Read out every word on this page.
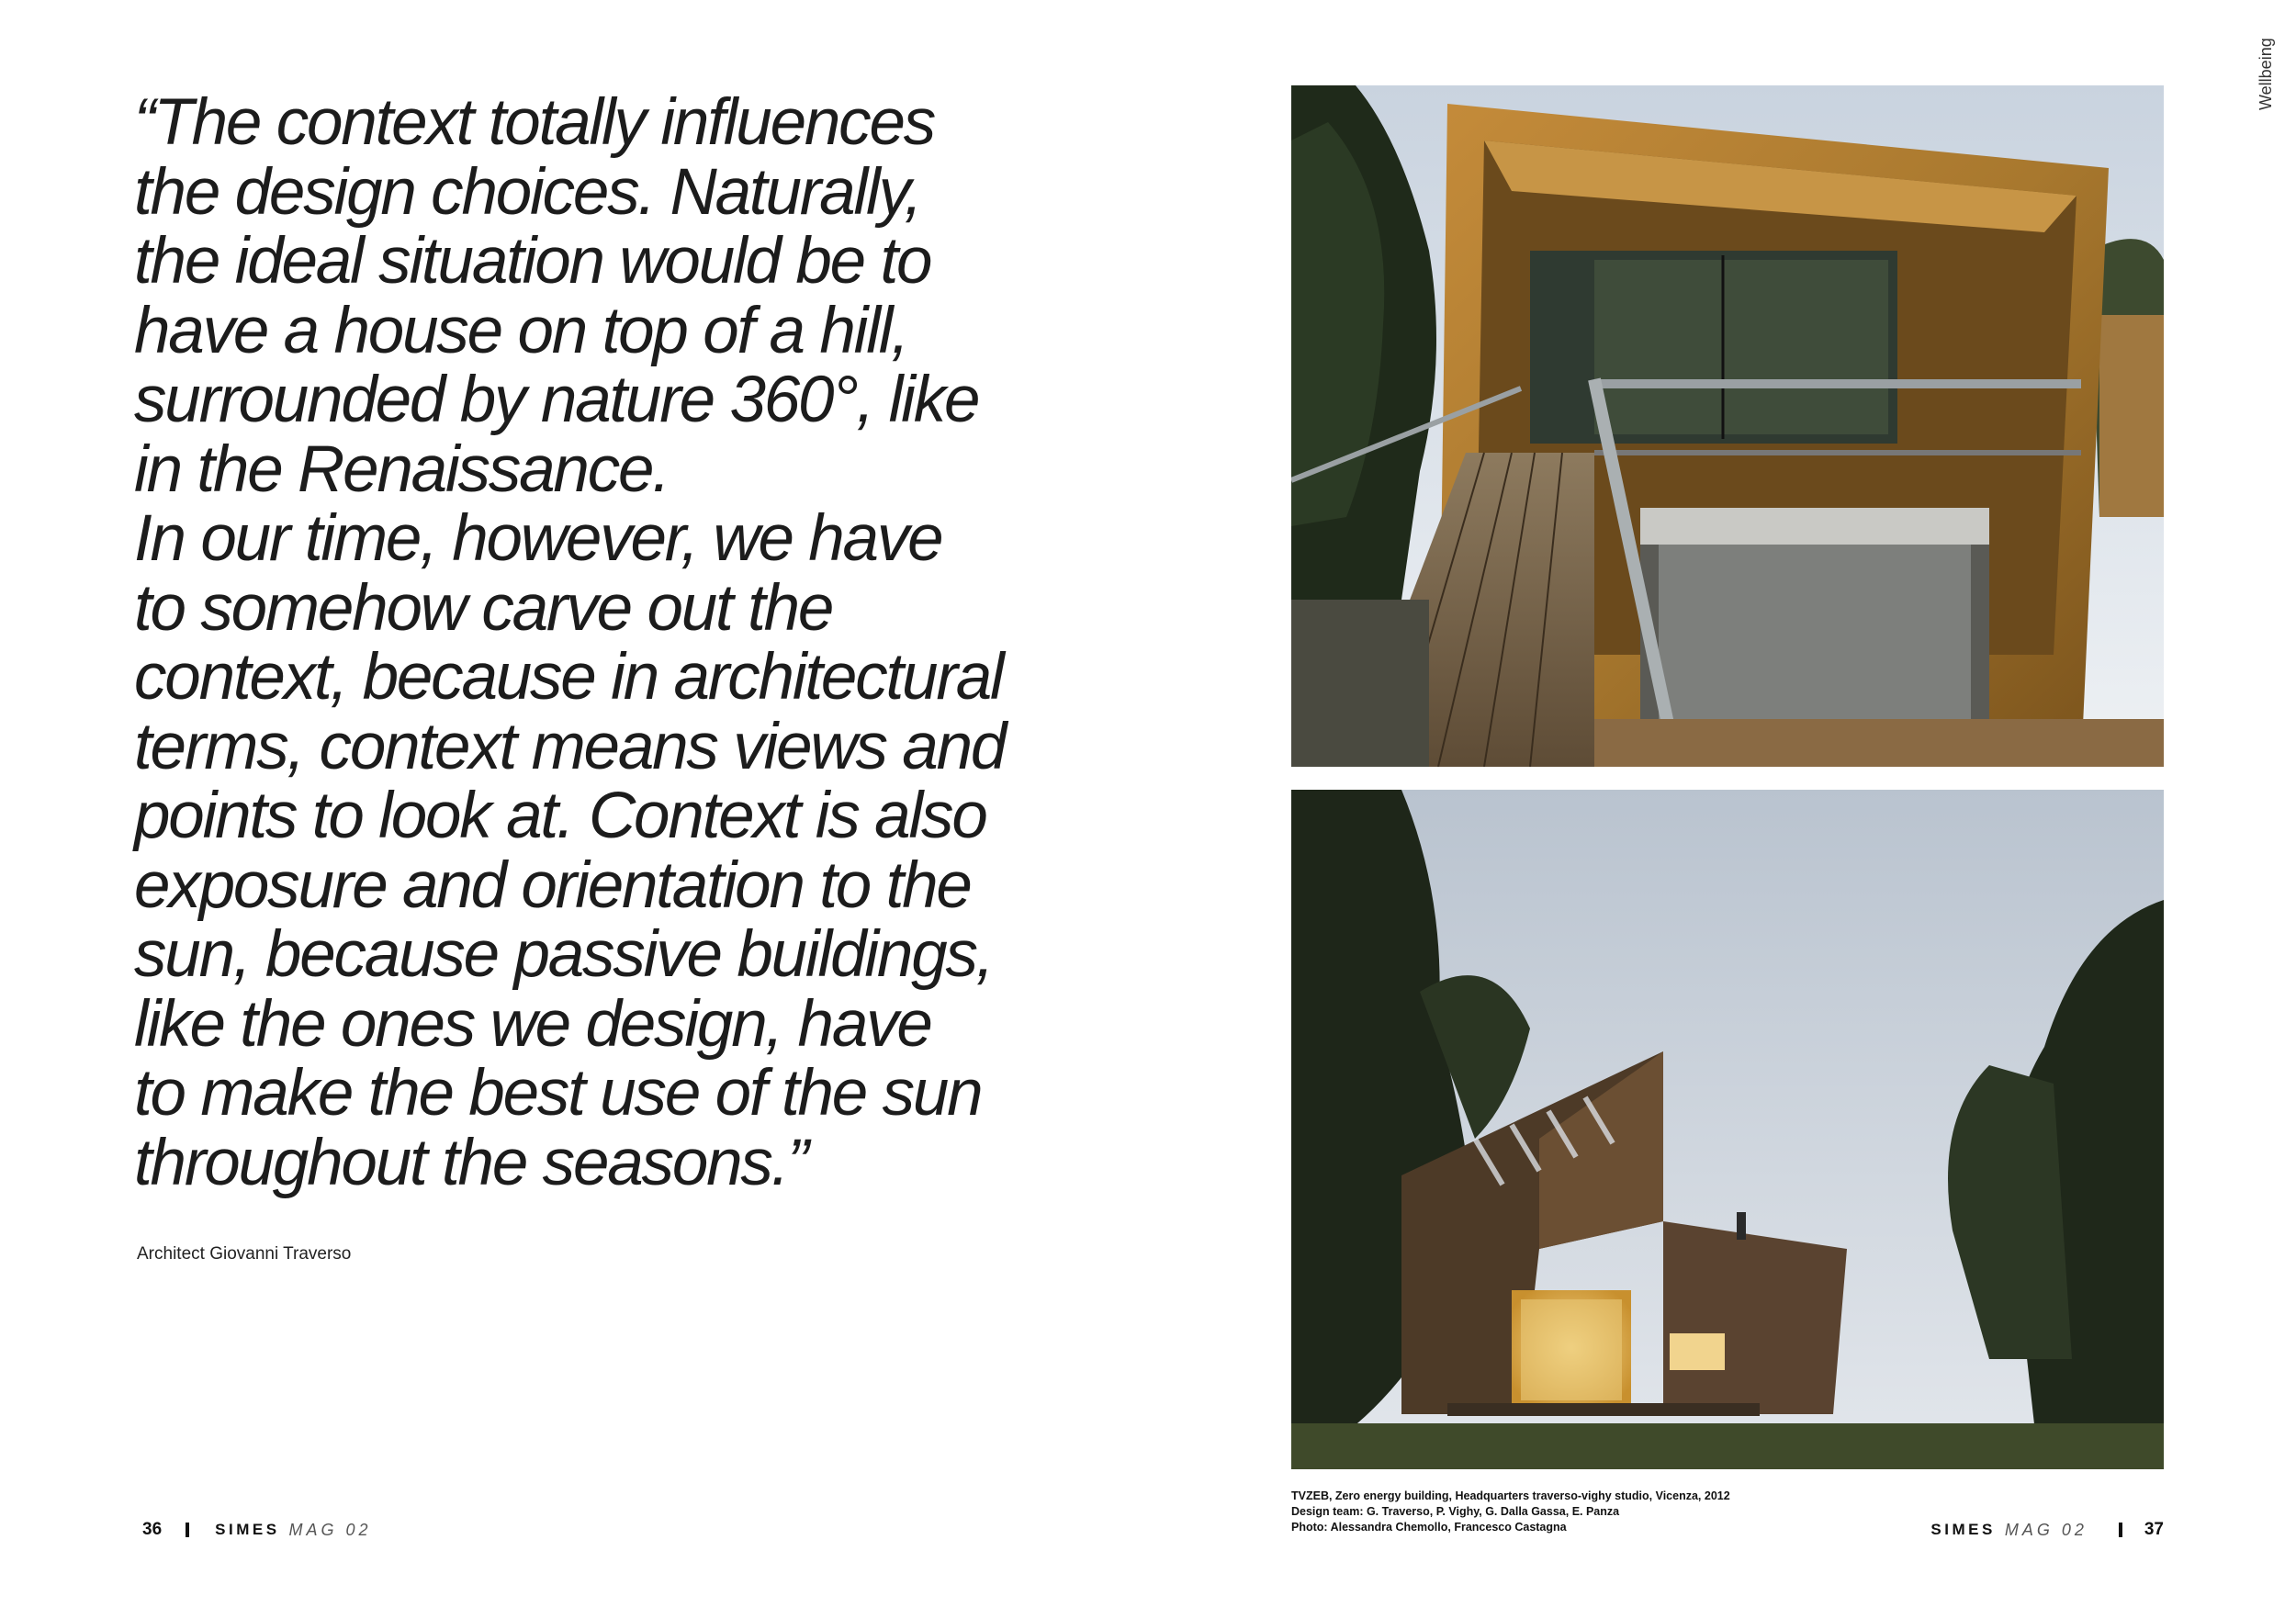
“The context totally influences
the design choices. Naturally,
the ideal situation would be to
have a house on top of a hill,
surrounded by nature 360°, like
in the Renaissance.
In our time, however, we have
to somehow carve out the
context, because in architectural
terms, context means views and
points to look at. Context is also
exposure and orientation to the
sun, because passive buildings,
like the ones we design, have
to make the best use of the sun
throughout the seasons.”

Architect Giovanni Traverso
36	SIMES MAG 02
Wellbeing
TVZEB, Zero energy building, Headquarters traverso-vighy studio, Vicenza, 2012
Design team: G. Traverso, P. Vighy, G. Dalla Gassa, E. Panza
Photo: Alessandra Chemollo, Francesco Castagna	SIMES MAG 02	37
